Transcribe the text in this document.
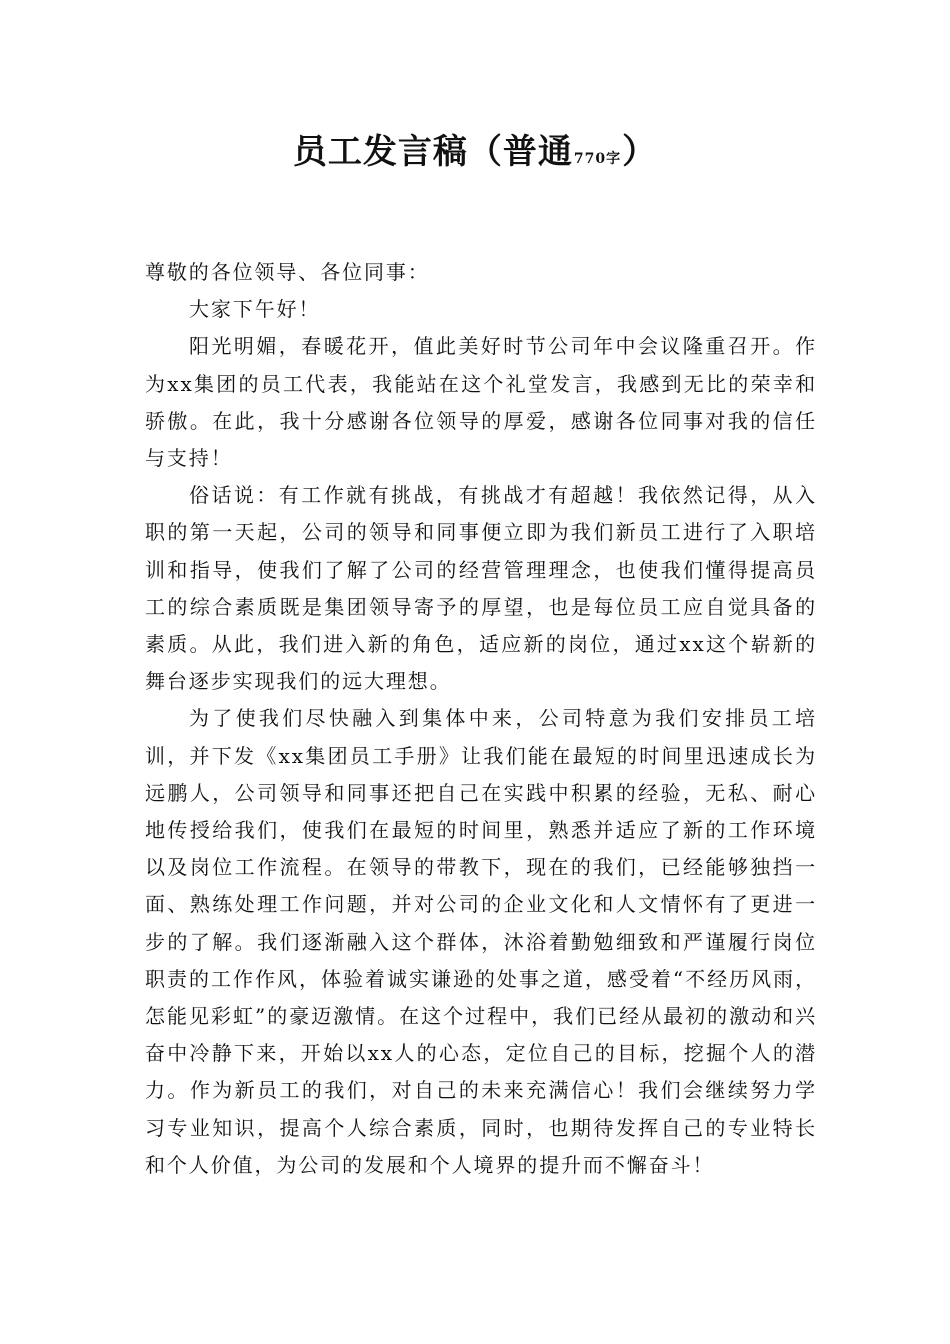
员工发言稿（普通770字）

尊敬的各位领导、各位同事：

大家下午好！

阳光明媚，春暖花开，值此美好时节公司年中会议隆重召开。作为xx集团的员工代表，我能站在这个礼堂发言，我感到无比的荣幸和骄傲。在此，我十分感谢各位领导的厚爱，感谢各位同事对我的信任与支持！

俗话说：有工作就有挑战，有挑战才有超越！我依然记得，从入职的第一天起，公司的领导和同事便立即为我们新员工进行了入职培训和指导，使我们了解了公司的经营管理理念，也使我们懂得提高员工的综合素质既是集团领导寄予的厚望，也是每位员工应自觉具备的素质。从此，我们进入新的角色，适应新的岗位，通过xx这个崭新的舞台逐步实现我们的远大理想。

为了使我们尽快融入到集体中来，公司特意为我们安排员工培训，并下发《xx集团员工手册》让我们能在最短的时间里迅速成长为远鹏人，公司领导和同事还把自己在实践中积累的经验，无私、耐心地传授给我们，使我们在最短的时间里，熟悉并适应了新的工作环境以及岗位工作流程。在领导的带教下，现在的我们，已经能够独挡一面、熟练处理工作问题，并对公司的企业文化和人文情怀有了更进一步的了解。我们逐渐融入这个群体，沐浴着勤勉细致和严谨履行岗位职责的工作作风，体验着诚实谦逊的处事之道，感受着“不经历风雨，怎能见彩虹”的豪迈激情。在这个过程中，我们已经从最初的激动和兴奋中冷静下来，开始以xx人的心态，定位自己的目标，挖掘个人的潜力。作为新员工的我们，对自己的未来充满信心！我们会继续努力学习专业知识，提高个人综合素质，同时，也期待发挥自己的专业特长和个人价值，为公司的发展和个人境界的提升而不懈奋斗！
